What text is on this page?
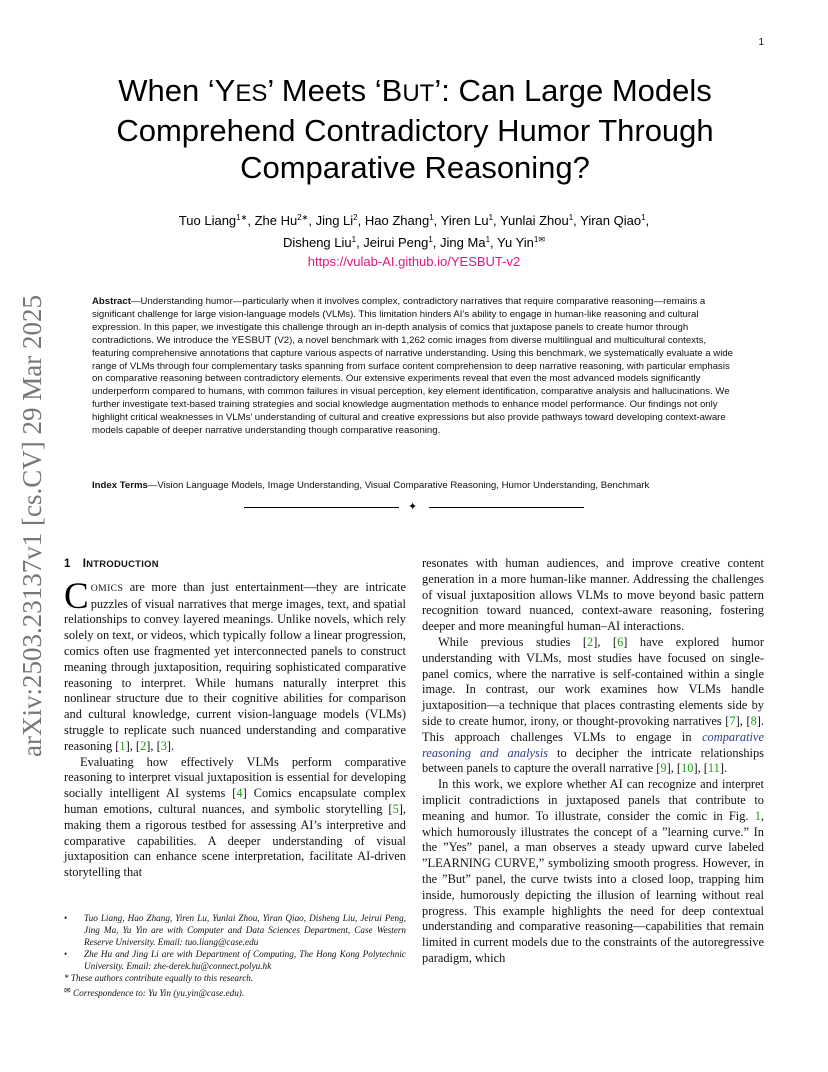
1
arXiv:2503.23137v1 [cs.CV] 29 Mar 2025
When ‘YES’ Meets ‘BUT’: Can Large Models
Comprehend Contradictory Humor Through
Comparative Reasoning?
Tuo Liang$^{1∗}$, Zhe $Hu^{2∗}$, Jing Li$^2$, Hao Zhang$^1$, Yiren Lu$^1$, Yunlai Zhou$^1$, Yiran Qiao$^1$,
Disheng Liu$^1$, Jeirui Peng$^1$, Jing Ma$^1$, Yu Yin$^{1✉}$
https://vulab-AI.github.io/YESBUT-v2

Abstract—Understanding humor—particularly when it involves complex, contradictory narratives that require comparative reasoning—remains a significant challenge for large vision-language models (VLMs). This limitation hinders AI’s ability to engage in human-like reasoning and cultural expression. In this paper, we investigate this challenge through an in-depth analysis of comics that juxtapose panels to create humor through contradictions. We introduce the YESBUT (V2), a novel benchmark with 1,262 comic images from diverse multilingual and multicultural contexts, featuring comprehensive annotations that capture various aspects of narrative understanding. Using this benchmark, we systematically evaluate a wide range of VLMs through four complementary tasks spanning from surface content comprehension to deep narrative reasoning, with particular emphasis on comparative reasoning between contradictory elements. Our extensive experiments reveal that even the most advanced models significantly underperform compared to humans, with common failures in visual perception, key element identification, comparative analysis and hallucinations. We further investigate text-based training strategies and social knowledge augmentation methods to enhance model performance. Our findings not only highlight critical weaknesses in VLMs’ understanding of cultural and creative expressions but also provide pathways toward developing context-aware models capable of deeper narrative understanding though comparative reasoning.

Index Terms—Vision Language Models, Image Understanding, Visual Comparative Reasoning, Humor Understanding, Benchmark

✦
1 INTRODUCTION

COMICS are more than just entertainment—they are intricate puzzles of visual narratives that merge images, text, and spatial relationships to convey layered meanings. Unlike novels, which rely solely on text, or videos, which typically follow a linear progression, comics often use fragmented yet interconnected panels to construct meaning through juxtaposition, requiring sophisticated comparative reasoning to interpret. While humans naturally interpret this nonlinear structure due to their cognitive abilities for comparison and cultural knowledge, current vision-language models (VLMs) struggle to replicate such nuanced understanding and comparative reasoning [1], [2], [3].

Evaluating how effectively VLMs perform comparative reasoning to interpret visual juxtaposition is essential for developing socially intelligent AI systems [4] Comics encapsulate complex human emotions, cultural nuances, and symbolic storytelling [5], making them a rigorous testbed for assessing AI’s interpretive and comparative capabilities. A deeper understanding of visual juxtaposition can enhance scene interpretation, facilitate AI-driven storytelling that

resonates with human audiences, and improve creative content generation in a more human-like manner. Addressing the challenges of visual juxtaposition allows VLMs to move beyond basic pattern recognition toward nuanced, context-aware reasoning, fostering deeper and more meaningful human–AI interactions.

While previous studies [2], [6] have explored humor understanding with VLMs, most studies have focused on single-panel comics, where the narrative is self-contained within a single image. In contrast, our work examines how VLMs handle juxtaposition—a technique that places contrasting elements side by side to create humor, irony, or thought-provoking narratives [7], [8]. This approach challenges VLMs to engage in comparative reasoning and analysis to decipher the intricate relationships between panels to capture the overall narrative [9], [10], [11].

In this work, we explore whether AI can recognize and interpret implicit contradictions in juxtaposed panels that contribute to meaning and humor. To illustrate, consider the comic in Fig. 1, which humorously illustrates the concept of a ”learning curve.” In the ”Yes” panel, a man observes a steady upward curve labeled ”LEARNING CURVE,” symbolizing smooth progress. However, in the ”But” panel, the curve twists into a closed loop, trapping him inside, humorously depicting the illusion of learning without real progress. This example highlights the need for deep contextual understanding and comparative reasoning—capabilities that remain limited in current models due to the constraints of the autoregressive paradigm, which

• Tuo Liang, Hao Zhang, Yiren Lu, Yunlai Zhou, Yiran Qiao, Disheng Liu, Jeirui Peng, Jing Ma, Yu Yin are with Computer and Data Sciences Department, Case Western Reserve University. Email: tuo.liang@case.edu

• Zhe Hu and Jing Li are with Department of Computing, The Hong Kong Polytechnic University. Email: zhe-derek.hu@connect.polyu.hk

* These authors contribute equally to this research.

✉ Correspondence to: Yu Yin (yu.yin@case.edu).
